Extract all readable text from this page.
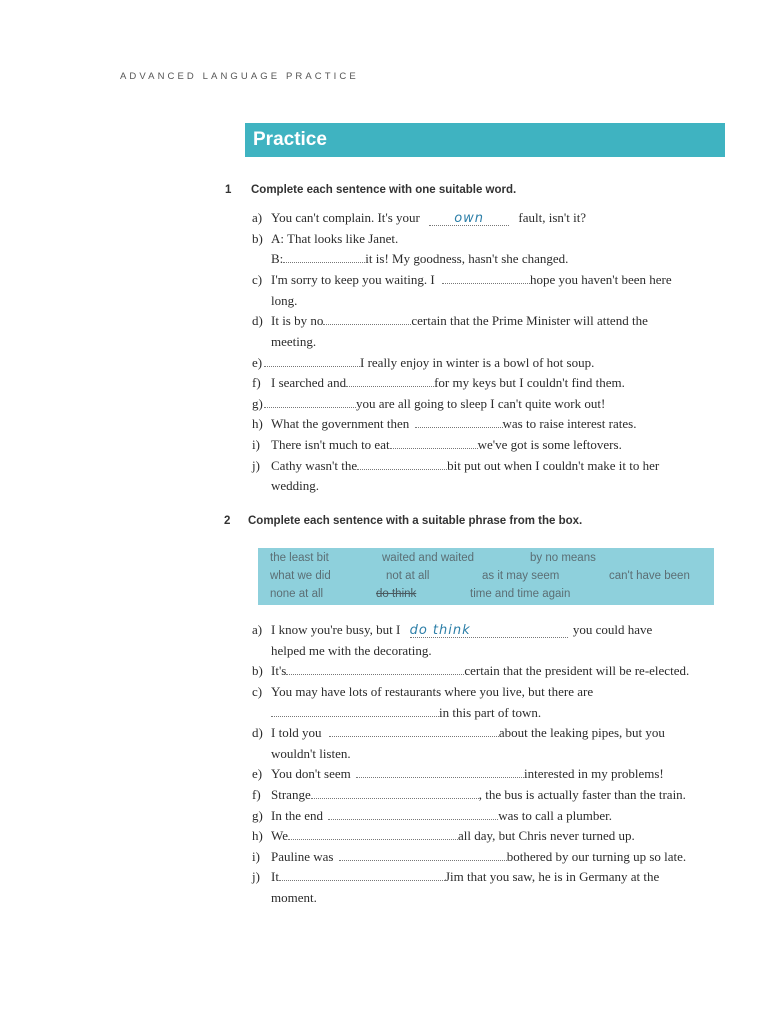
ADVANCED LANGUAGE PRACTICE
Practice
1 Complete each sentence with one suitable word.
a) You can't complain. It's your	own	fault, isn't it?
b) A: That looks like Janet.
B:	it is! My goodness, hasn't she changed.
c) I'm sorry to keep you waiting. I	hope you haven't been here
long.
d) It is by no	certain that the Prime Minister will attend the
meeting.
e)	I really enjoy in winter is a bowl of hot soup.
f) I searched and	for my keys but I couldn't find them.
g)	you are all going to sleep I can't quite work out!
h) What the government then	was to raise interest rates.
i) There isn't much to eat	we've got is some leftovers.
j) Cathy wasn't the	bit put out when I couldn't make it to her
wedding.
2 Complete each sentence with a suitable phrase from the box.
the least bit	waited and waited	by no means
what we did	not at all	as it may seem	can't have been
none at all	do think	time and time again
a) I know you're busy, but I do think	you could have
helped me with the decorating.
b) It's	certain that the president will be re-elected.
c) You may have lots of restaurants where you live, but there are
in this part of town.
d) I told you	about the leaking pipes, but you
wouldn't listen.
e) You don't seem	interested in my problems!
f) Strange	, the bus is actually faster than the train.
g) In the end	was to call a plumber.
h) We	all day, but Chris never turned up.
i) Pauline was	bothered by our turning up so late.
j) It	Jim that you saw, he is in Germany at the
moment.
